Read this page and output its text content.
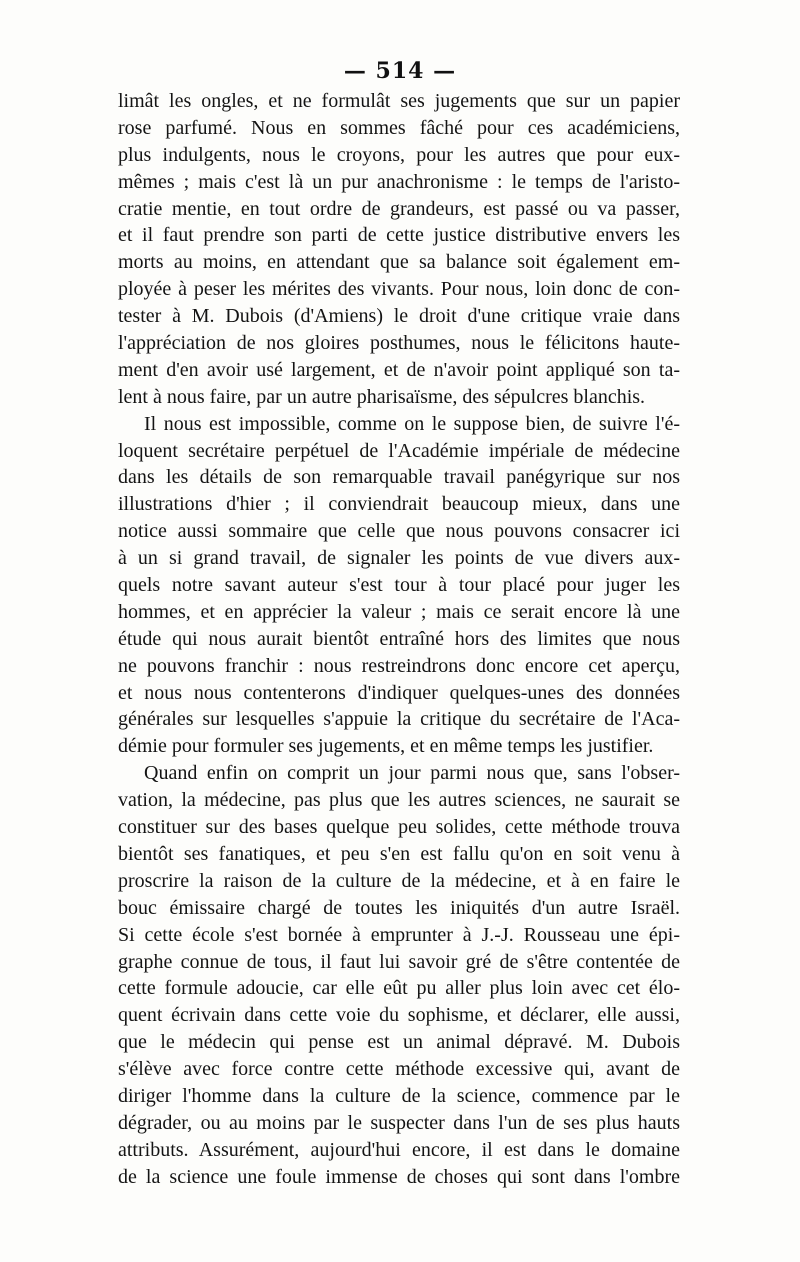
— 514 —
limât les ongles, et ne formulât ses jugements que sur un papier
rose parfumé. Nous en sommes fâché pour ces académiciens,
plus indulgents, nous le croyons, pour les autres que pour eux-
mêmes ; mais c'est là un pur anachronisme : le temps de l'aristo-
cratie mentie, en tout ordre de grandeurs, est passé ou va passer,
et il faut prendre son parti de cette justice distributive envers les
morts au moins, en attendant que sa balance soit également em-
ployée à peser les mérites des vivants. Pour nous, loin donc de con-
tester à M. Dubois (d'Amiens) le droit d'une critique vraie dans
l'appréciation de nos gloires posthumes, nous le félicitons haute-
ment d'en avoir usé largement, et de n'avoir point appliqué son ta-
lent à nous faire, par un autre pharisaïsme, des sépulcres blanchis.
Il nous est impossible, comme on le suppose bien, de suivre l'é-
loquent secrétaire perpétuel de l'Académie impériale de médecine
dans les détails de son remarquable travail panégyrique sur nos
illustrations d'hier ; il conviendrait beaucoup mieux, dans une
notice aussi sommaire que celle que nous pouvons consacrer ici
à un si grand travail, de signaler les points de vue divers aux-
quels notre savant auteur s'est tour à tour placé pour juger les
hommes, et en apprécier la valeur ; mais ce serait encore là une
étude qui nous aurait bientôt entraîné hors des limites que nous
ne pouvons franchir : nous restreindrons donc encore cet aperçu,
et nous nous contenterons d'indiquer quelques-unes des données
générales sur lesquelles s'appuie la critique du secrétaire de l'Aca-
démie pour formuler ses jugements, et en même temps les justifier.
Quand enfin on comprit un jour parmi nous que, sans l'obser-
vation, la médecine, pas plus que les autres sciences, ne saurait se
constituer sur des bases quelque peu solides, cette méthode trouva
bientôt ses fanatiques, et peu s'en est fallu qu'on en soit venu à
proscrire la raison de la culture de la médecine, et à en faire le
bouc émissaire chargé de toutes les iniquités d'un autre Israël.
Si cette école s'est bornée à emprunter à J.-J. Rousseau une épi-
graphe connue de tous, il faut lui savoir gré de s'être contentée de
cette formule adoucie, car elle eût pu aller plus loin avec cet élo-
quent écrivain dans cette voie du sophisme, et déclarer, elle aussi,
que le médecin qui pense est un animal dépravé. M. Dubois
s'élève avec force contre cette méthode excessive qui, avant de
diriger l'homme dans la culture de la science, commence par le
dégrader, ou au moins par le suspecter dans l'un de ses plus hauts
attributs. Assurément, aujourd'hui encore, il est dans le domaine
de la science une foule immense de choses qui sont dans l'ombre
